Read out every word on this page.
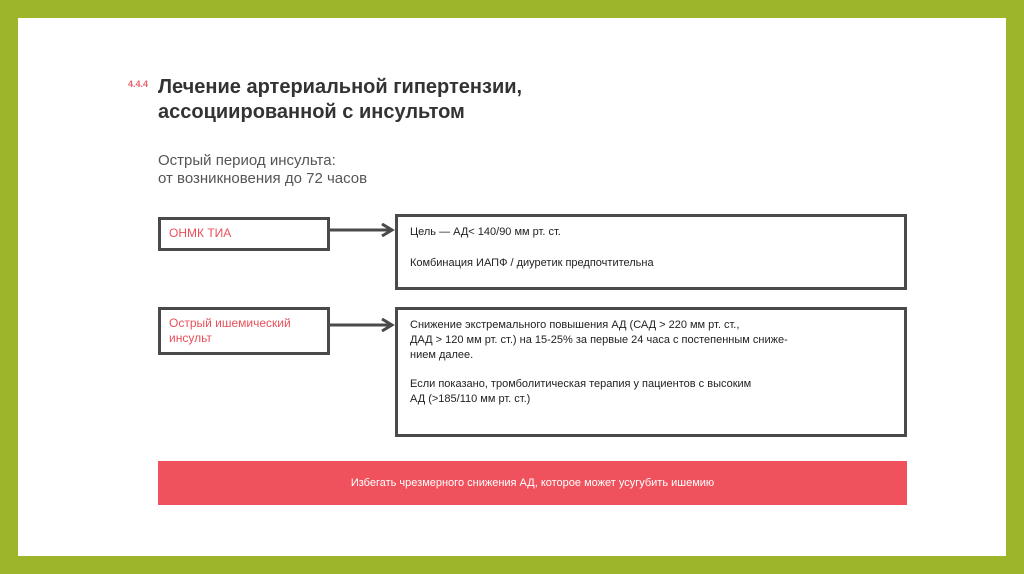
4.4.4 Лечение артериальной гипертензии,
ассоциированной с инсультом
Острый период инсульта:
от возникновения до 72 часов
ОНМК ТИА	Цель — АД< 140/90 мм рт. ст.

Комбинация ИАПФ / диуретик предпочтительна

Острый ишемический
инсульт

Снижение экстремального повышения АД (САД > 220 мм рт. ст.,

ДАД > 120 мм рт. ст.) на 15-25% за первые 24 часа с постепенным сниже-

нием далее.

Если показано, тромболитическая терапия у пациентов с высоким

АД (>185/110 мм рт. ст.)

Избегать чрезмерного снижения АД, которое может усугубить ишемию
